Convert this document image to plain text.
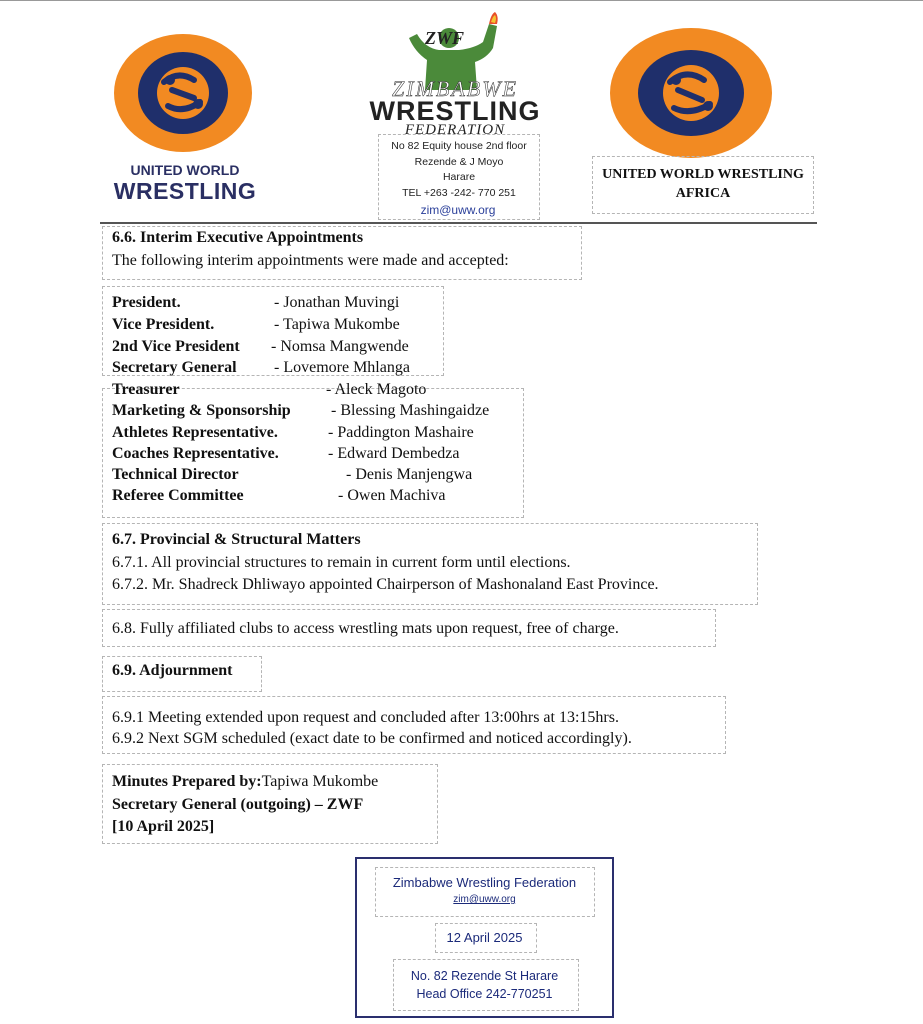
UNITED WORLD
WRESTLING
ZWF
ZIMBABWE
WRESTLING
FEDERATION
No 82 Equity house 2nd floor
Rezende & J Moyo
Harare
TEL +263 -242- 770 251
zim@uww.org
UNITED WORLD WRESTLING
AFRICA
6.6. Interim Executive Appointments
The following interim appointments were made and accepted:
President.	- Jonathan Muvingi
Vice President.	- Tapiwa Mukombe
2nd Vice President - Nomsa Mangwende
Secretary General - Lovemore Mhlanga
Treasurer	- Aleck Magoto
Marketing & Sponsorship	- Blessing Mashingaidze
Athletes Representative.	- Paddington Mashaire
Coaches Representative.	- Edward Dembedza
Technical Director	- Denis Manjengwa
Referee Committee	- Owen Machiva
6.7. Provincial & Structural Matters
6.7.1. All provincial structures to remain in current form until elections.
6.7.2. Mr. Shadreck Dhliwayo appointed Chairperson of Mashonaland East Province.
6.8. Fully affiliated clubs to access wrestling mats upon request, free of charge.
6.9. Adjournment
6.9.1 Meeting extended upon request and concluded after 13:00hrs at 13:15hrs.
6.9.2 Next SGM scheduled (exact date to be confirmed and noticed accordingly).
Minutes Prepared by:Tapiwa Mukombe
Secretary General (outgoing) – ZWF
[10 April 2025]
Zimbabwe Wrestling Federation
zim@uww.org
12 April 2025
No. 82 Rezende St Harare
Head Office 242-770251
